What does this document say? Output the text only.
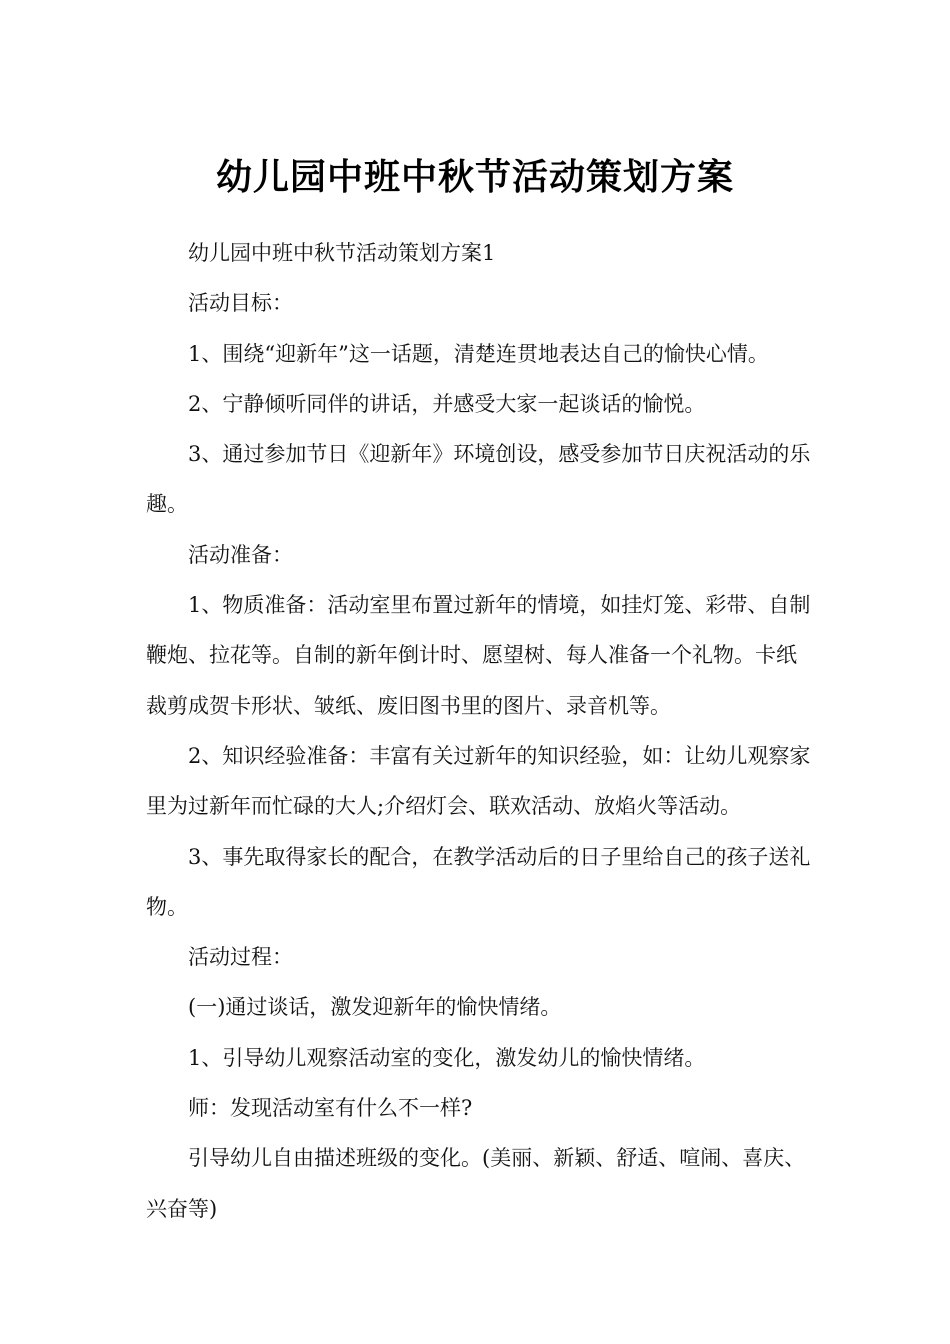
幼儿园中班中秋节活动策划方案

幼儿园中班中秋节活动策划方案1

活动目标：

1、围绕“迎新年”这一话题，清楚连贯地表达自己的愉快心情。

2、宁静倾听同伴的讲话，并感受大家一起谈话的愉悦。

3、通过参加节日《迎新年》环境创设，感受参加节日庆祝活动的乐趣。

活动准备：

1、物质准备：活动室里布置过新年的情境，如挂灯笼、彩带、自制鞭炮、拉花等。自制的新年倒计时、愿望树、每人准备一个礼物。卡纸裁剪成贺卡形状、皱纸、废旧图书里的图片、录音机等。

2、知识经验准备：丰富有关过新年的知识经验，如：让幼儿观察家里为过新年而忙碌的大人;介绍灯会、联欢活动、放焰火等活动。

3、事先取得家长的配合，在教学活动后的日子里给自己的孩子送礼物。

活动过程：

(一)通过谈话，激发迎新年的愉快情绪。

1、引导幼儿观察活动室的变化，激发幼儿的愉快情绪。

师：发现活动室有什么不一样?

引导幼儿自由描述班级的变化。(美丽、新颖、舒适、喧闹、喜庆、兴奋等)
